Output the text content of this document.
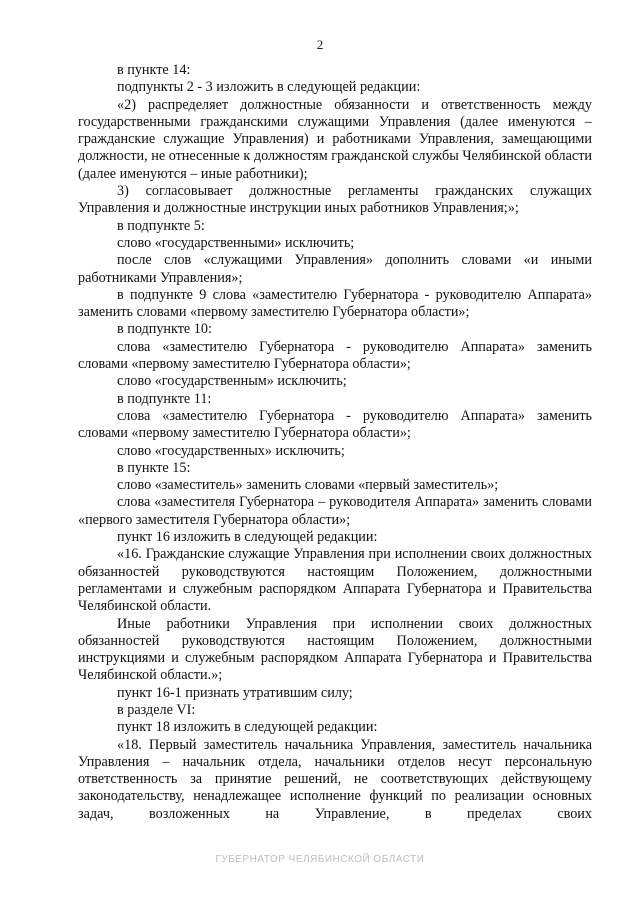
2

в пункте 14:

подпункты 2 - 3 изложить в следующей редакции:

«2) распределяет должностные обязанности и ответственность между государственными гражданскими служащими Управления (далее именуются – гражданские служащие Управления) и работниками Управления, замещающими должности, не отнесенные к должностям гражданской службы Челябинской области (далее именуются – иные работники);

3) согласовывает должностные регламенты гражданских служащих Управления и должностные инструкции иных работников Управления;»;

в подпункте 5:

слово «государственными» исключить;

после слов «служащими Управления» дополнить словами «и иными работниками Управления»;

в подпункте 9 слова «заместителю Губернатора - руководителю Аппарата» заменить словами «первому заместителю Губернатора области»;

в подпункте 10:

слова «заместителю Губернатора - руководителю Аппарата» заменить словами «первому заместителю Губернатора области»;

слово «государственным» исключить;

в подпункте 11:

слова «заместителю Губернатора - руководителю Аппарата» заменить словами «первому заместителю Губернатора области»;

слово «государственных» исключить;

в пункте 15:

слово «заместитель» заменить словами «первый заместитель»;

слова «заместителя Губернатора – руководителя Аппарата» заменить словами «первого заместителя Губернатора области»;

пункт 16 изложить в следующей редакции:

«16. Гражданские служащие Управления при исполнении своих должностных обязанностей руководствуются настоящим Положением, должностными регламентами и служебным распорядком Аппарата Губернатора и Правительства Челябинской области.

Иные работники Управления при исполнении своих должностных обязанностей руководствуются настоящим Положением, должностными инструкциями и служебным распорядком Аппарата Губернатора и Правительства Челябинской области.»;

пункт 16-1 признать утратившим силу;

в разделе VI:

пункт 18 изложить в следующей редакции:

«18. Первый заместитель начальника Управления, заместитель начальника Управления – начальник отдела, начальники отделов несут персональную ответственность за принятие решений, не соответствующих действующему законодательству, ненадлежащее исполнение функций по реализации основных задач, возложенных на Управление, в пределах своих

ГУБЕРНАТОР ЧЕЛЯБИНСКОЙ ОБЛАСТИ
